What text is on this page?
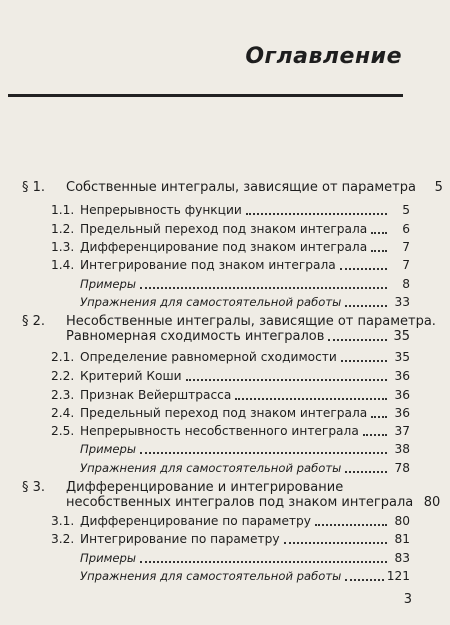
Оглавление
§ 1.	Собственные интегралы, зависящие от параметра	5
1.1. Непрерывность функции	5
1.2. Предельный переход под знаком интеграла	6
1.3. Дифференцирование под знаком интеграла	7
1.4. Интегрирование под знаком интеграла	7
Примеры	8
Упражнения для самостоятельной работы	33
§ 2.	Несобственные интегралы, зависящие от параметра.
Равномерная сходимость интегралов	35
2.1. Определение равномерной сходимости	35
2.2. Критерий Коши	36
2.3. Признак Вейерштрасса	36
2.4. Предельный переход под знаком интеграла	36
2.5. Непрерывность несобственного интеграла	37
Примеры	38
Упражнения для самостоятельной работы	78
§ 3.	Дифференцирование и интегрирование
несобственных интегралов под знаком интеграла 80
3.1. Дифференцирование по параметру	80
3.2. Интегрирование по параметру	81
Примеры	83
Упражнения для самостоятельной работы	121
3
